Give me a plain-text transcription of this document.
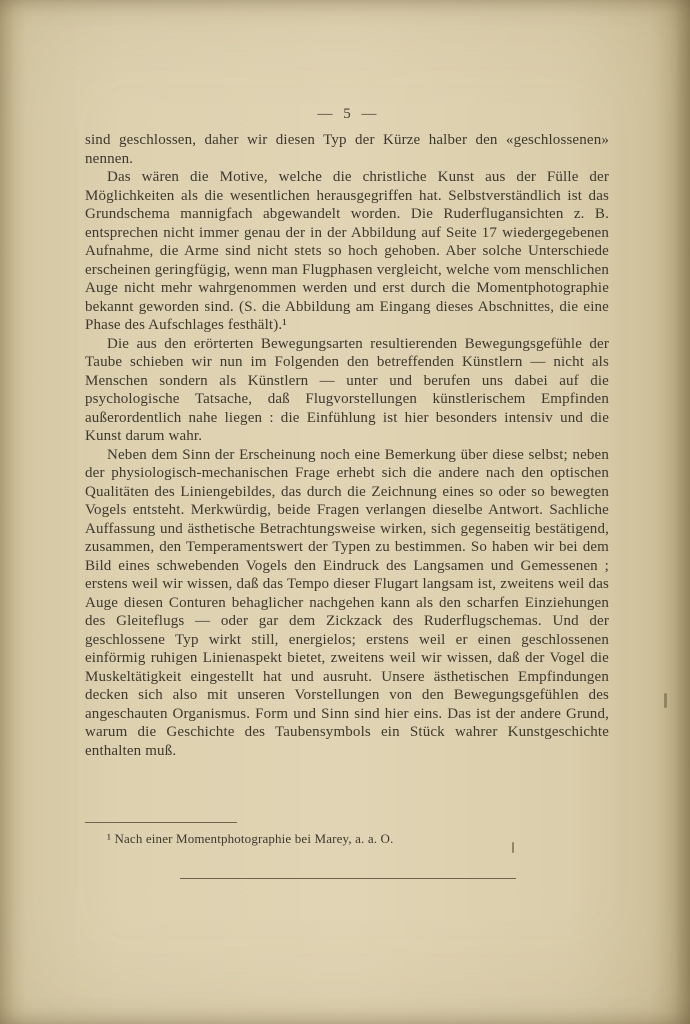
— 5 —

sind geschlossen, daher wir diesen Typ der Kürze halber den «geschlossenen» nennen.

Das wären die Motive, welche die christliche Kunst aus der Fülle der Möglichkeiten als die wesentlichen herausgegriffen hat. Selbstverständlich ist das Grundschema mannigfach abgewandelt worden. Die Ruderflugansichten z. B. entsprechen nicht immer genau der in der Abbildung auf Seite 17 wiedergegebenen Aufnahme, die Arme sind nicht stets so hoch gehoben. Aber solche Unterschiede erscheinen geringfügig, wenn man Flugphasen vergleicht, welche vom menschlichen Auge nicht mehr wahrgenommen werden und erst durch die Momentphotographie bekannt geworden sind. (S. die Abbildung am Eingang dieses Abschnittes, die eine Phase des Aufschlages festhält).¹

Die aus den erörterten Bewegungsarten resultierenden Bewegungsgefühle der Taube schieben wir nun im Folgenden den betreffenden Künstlern — nicht als Menschen sondern als Künstlern — unter und berufen uns dabei auf die psychologische Tatsache, daß Flugvorstellungen künstlerischem Empfinden außerordentlich nahe liegen : die Einfühlung ist hier besonders intensiv und die Kunst darum wahr.

Neben dem Sinn der Erscheinung noch eine Bemerkung über diese selbst; neben der physiologisch-mechanischen Frage erhebt sich die andere nach den optischen Qualitäten des Liniengebildes, das durch die Zeichnung eines so oder so bewegten Vogels entsteht. Merkwürdig, beide Fragen verlangen dieselbe Antwort. Sachliche Auffassung und ästhetische Betrachtungsweise wirken, sich gegenseitig bestätigend, zusammen, den Temperamentswert der Typen zu bestimmen. So haben wir bei dem Bild eines schwebenden Vogels den Eindruck des Langsamen und Gemessenen ; erstens weil wir wissen, daß das Tempo dieser Flugart langsam ist, zweitens weil das Auge diesen Conturen behaglicher nachgehen kann als den scharfen Einziehungen des Gleiteflugs — oder gar dem Zickzack des Ruderflugschemas. Und der geschlossene Typ wirkt still, energielos; erstens weil er einen geschlossenen einförmig ruhigen Linienaspekt bietet, zweitens weil wir wissen, daß der Vogel die Muskeltätigkeit eingestellt hat und ausruht. Unsere ästhetischen Empfindungen decken sich also mit unseren Vorstellungen von den Bewegungsgefühlen des angeschauten Organismus. Form und Sinn sind hier eins. Das ist der andere Grund, warum die Geschichte des Taubensymbols ein Stück wahrer Kunstgeschichte enthalten muß.

¹ Nach einer Momentphotographie bei Marey, a. a. O.
